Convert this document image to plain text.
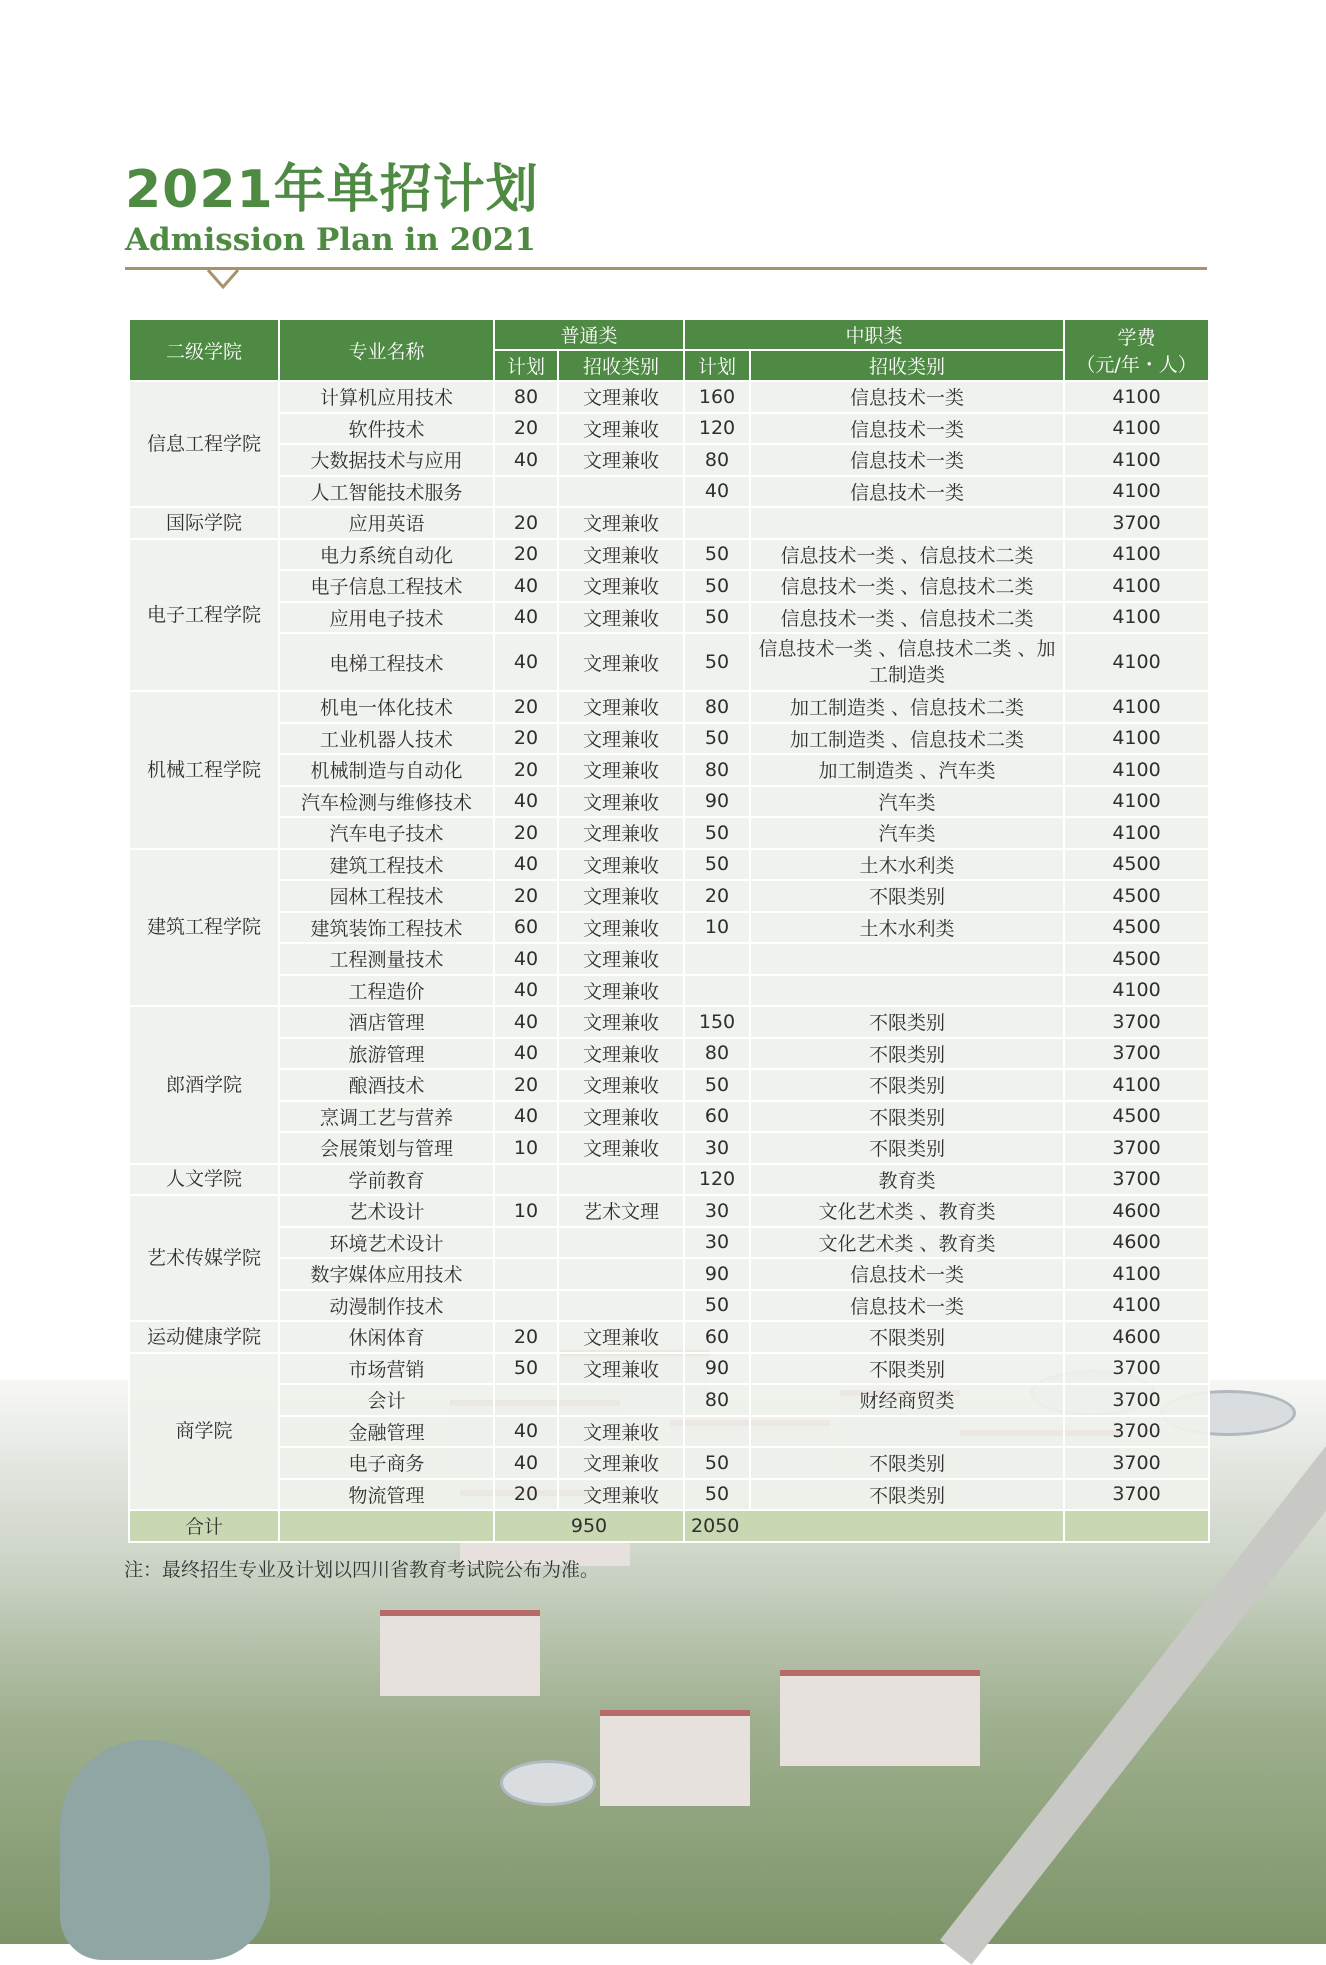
2021年单招计划
Admission Plan in 2021
二级学院	专业名称	普通类		中职类		学费
（元/年・人）

		计划	招收类别	计划	招收类别	
信息工程学院	计算机应用技术	80	文理兼收	160	信息技术一类	4100
	软件技术	20	文理兼收	120	信息技术一类	4100
	大数据技术与应用	40	文理兼收	80	信息技术一类	4100
	人工智能技术服务			40	信息技术一类	4100
国际学院	应用英语	20	文理兼收			3700
电子工程学院	电力系统自动化	20	文理兼收	50	信息技术一类 、信息技术二类	4100
	电子信息工程技术	40	文理兼收	50	信息技术一类 、信息技术二类	4100
	应用电子技术	40	文理兼收	50	信息技术一类 、信息技术二类	4100
	电梯工程技术	40	文理兼收	50	信息技术一类 、信息技术二类 、加工制造类	4100
机械工程学院	机电一体化技术	20	文理兼收	80	加工制造类 、信息技术二类	4100
	工业机器人技术	20	文理兼收	50	加工制造类 、信息技术二类	4100
	机械制造与自动化	20	文理兼收	80	加工制造类 、汽车类	4100
	汽车检测与维修技术	40	文理兼收	90	汽车类	4100
	汽车电子技术	20	文理兼收	50	汽车类	4100
建筑工程学院	建筑工程技术	40	文理兼收	50	土木水利类	4500
	园林工程技术	20	文理兼收	20	不限类别	4500
	建筑装饰工程技术	60	文理兼收	10	土木水利类	4500
	工程测量技术	40	文理兼收			4500
	工程造价	40	文理兼收			4100
郎酒学院	酒店管理	40	文理兼收	150	不限类别	3700
	旅游管理	40	文理兼收	80	不限类别	3700
	酿酒技术	20	文理兼收	50	不限类别	4100
	烹调工艺与营养	40	文理兼收	60	不限类别	4500
	会展策划与管理	10	文理兼收	30	不限类别	3700
人文学院	学前教育			120	教育类	3700
艺术传媒学院	艺术设计	10	艺术文理	30	文化艺术类 、教育类	4600
	环境艺术设计			30	文化艺术类 、教育类	4600
	数字媒体应用技术			90	信息技术一类	4100
	动漫制作技术			50	信息技术一类	4100
运动健康学院	休闲体育	20	文理兼收	60	不限类别	4600
商学院	市场营销	50	文理兼收	90	不限类别	3700
	会计			80	财经商贸类	3700
	金融管理	40	文理兼收			3700
	电子商务	40	文理兼收	50	不限类别	3700
	物流管理	20	文理兼收	50	不限类别	3700
合计		950		2050		
注：最终招生专业及计划以四川省教育考试院公布为准。
